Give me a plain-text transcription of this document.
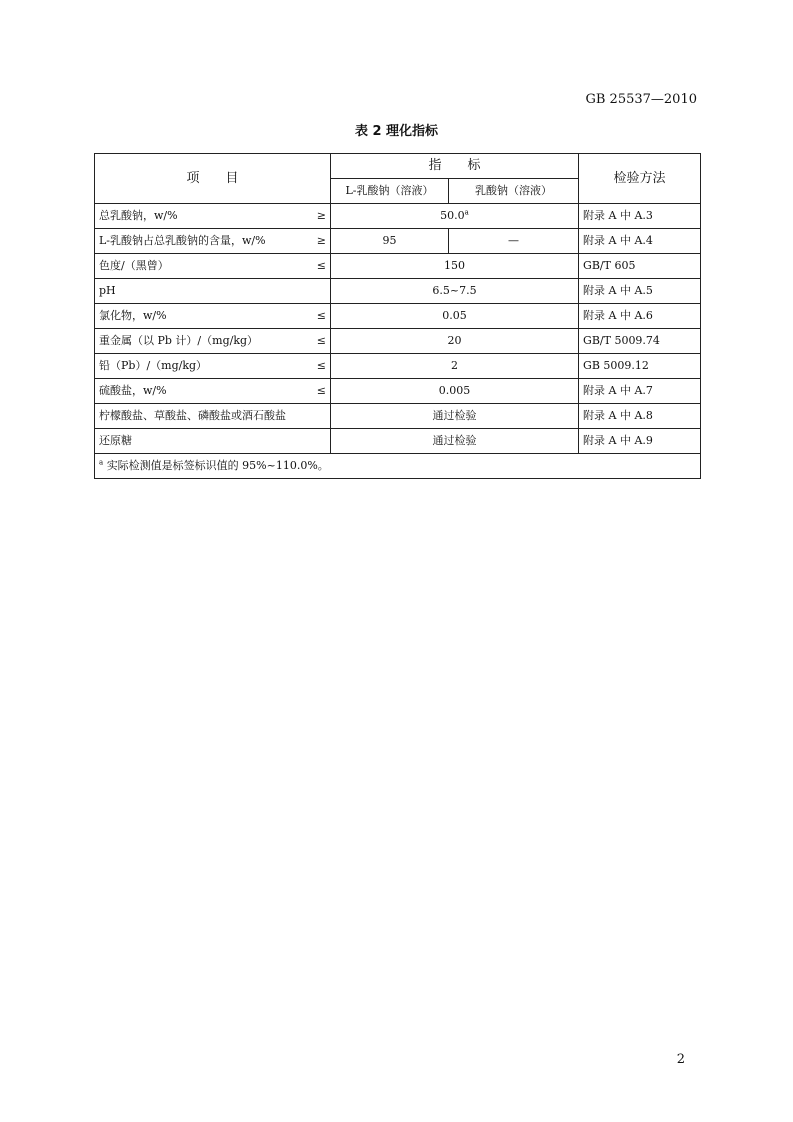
GB 25537—2010
表 2 理化指标
项　　目		指　　标		检验方法
		L-乳酸钠（溶液）	乳酸钠（溶液）	
总乳酸钠，w/%	≥	50.0$^a$		附录 A 中 A.3
L-乳酸钠占总乳酸钠的含量，w/%	≥	95	—	附录 A 中 A.4
色度/（黑曾）	≤	150		GB/T 605
pH		6.5~7.5		附录 A 中 A.5
氯化物，w/%	≤	0.05		附录 A 中 A.6
重金属（以 Pb 计）/（mg/kg）	≤	20		GB/T 5009.74
铅（Pb）/（mg/kg）	≤	2		GB 5009.12
硫酸盐，w/%	≤	0.005		附录 A 中 A.7
柠檬酸盐、草酸盐、磷酸盐或酒石酸盐		通过检验		附录 A 中 A.8
还原糖		通过检验		附录 A 中 A.9
$^a$ 实际检测值是标签标识值的 95%~110.0%。				
2
